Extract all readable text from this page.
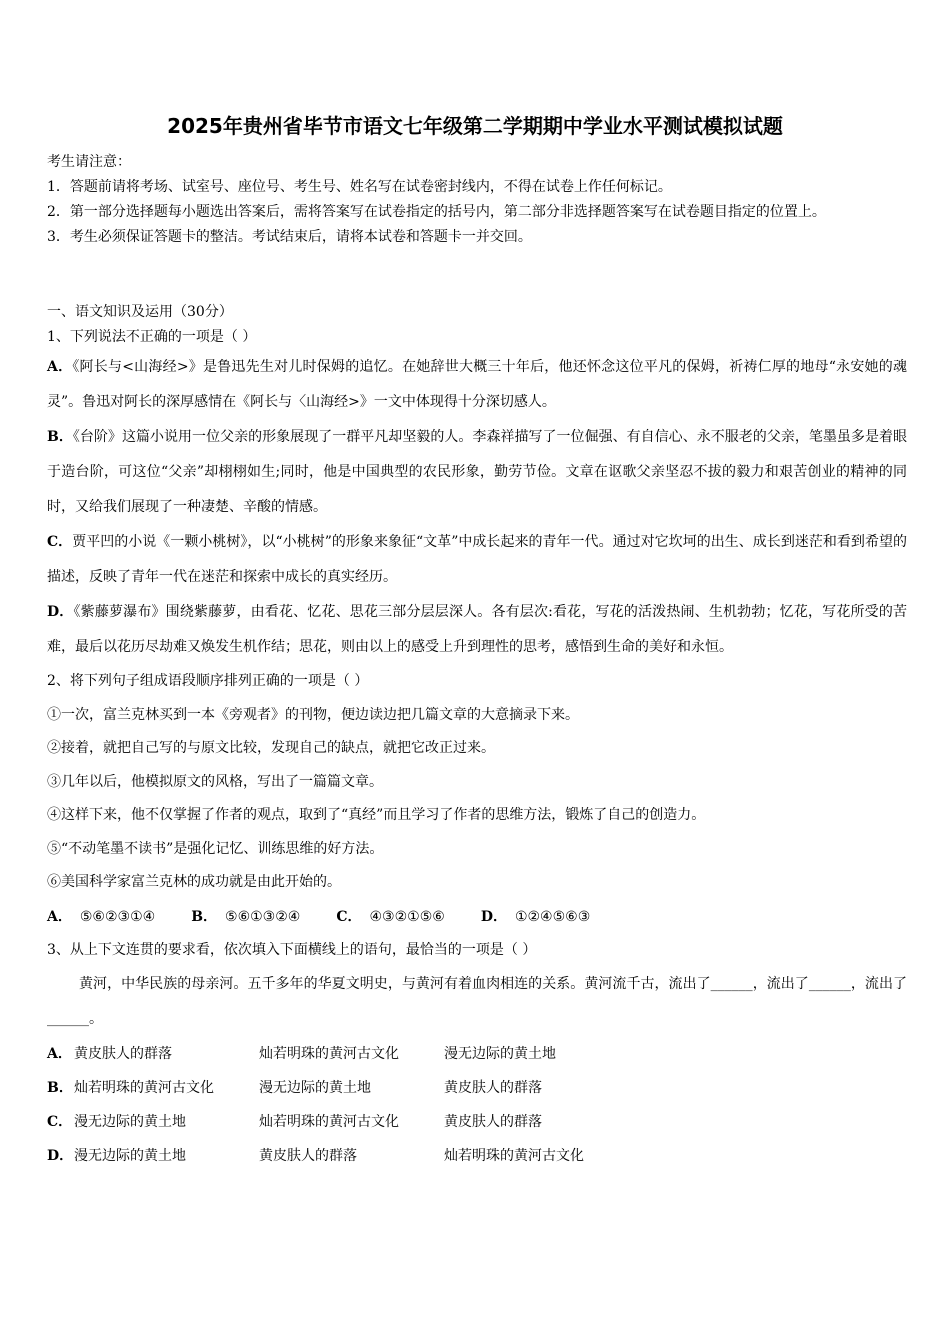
2025年贵州省毕节市语文七年级第二学期期中学业水平测试模拟试题

考生请注意：

1．答题前请将考场、试室号、座位号、考生号、姓名写在试卷密封线内，不得在试卷上作任何标记。

2．第一部分选择题每小题选出答案后，需将答案写在试卷指定的括号内，第二部分非选择题答案写在试卷题目指定的位置上。

3．考生必须保证答题卡的整洁。考试结束后，请将本试卷和答题卡一并交回。

一、语文知识及运用（30分）

1、下列说法不正确的一项是（ ）

A．《阿长与<山海经>》是鲁迅先生对儿时保姆的追忆。在她辞世大概三十年后，他还怀念这位平凡的保姆，祈祷仁厚的地母“永安她的魂灵”。鲁迅对阿长的深厚感情在《阿长与〈山海经>》一文中体现得十分深切感人。

B．《台阶》这篇小说用一位父亲的形象展现了一群平凡却坚毅的人。李森祥描写了一位倔强、有自信心、永不服老的父亲，笔墨虽多是着眼于造台阶，可这位“父亲”却栩栩如生;同时，他是中国典型的农民形象，勤劳节俭。文章在讴歌父亲坚忍不拔的毅力和艰苦创业的精神的同时，又给我们展现了一种凄楚、辛酸的情感。

C．贾平凹的小说《一颗小桃树》，以“小桃树”的形象来象征“文革”中成长起来的青年一代。通过对它坎坷的出生、成长到迷茫和看到希望的描述，反映了青年一代在迷茫和探索中成长的真实经历。

D．《紫藤萝瀑布》围绕紫藤萝，由看花、忆花、思花三部分层层深人。各有层次:看花，写花的活泼热闹、生机勃勃；忆花，写花所受的苦难，最后以花历尽劫难又焕发生机作结；思花，则由以上的感受上升到理性的思考，感悟到生命的美好和永恒。

2、将下列句子组成语段顺序排列正确的一项是（ ）

①一次，富兰克林买到一本《旁观者》的刊物，便边读边把几篇文章的大意摘录下来。

②接着，就把自己写的与原文比较，发现自己的缺点，就把它改正过来。

③几年以后，他模拟原文的风格，写出了一篇篇文章。

④这样下来，他不仅掌握了作者的观点，取到了“真经”而且学习了作者的思维方法，锻炼了自己的创造力。

⑤“不动笔墨不读书”是强化记忆、训练思维的好方法。

⑥美国科学家富兰克林的成功就是由此开始的。

A． ⑤⑥②③①④	B． ⑤⑥①③②④	C． ④③②①⑤⑥	D． ①②④⑤⑥③

3、从上下文连贯的要求看，依次填入下面横线上的语句，最恰当的一项是（ ）

黄河，中华民族的母亲河。五千多年的华夏文明史，与黄河有着血肉相连的关系。黄河流千古，流出了______，流出了______，流出了______。

A． 黄皮肤人的群落	灿若明珠的黄河古文化	漫无边际的黄土地
B． 灿若明珠的黄河古文化	漫无边际的黄土地	黄皮肤人的群落
C． 漫无边际的黄土地	灿若明珠的黄河古文化	黄皮肤人的群落
D． 漫无边际的黄土地	黄皮肤人的群落	灿若明珠的黄河古文化
